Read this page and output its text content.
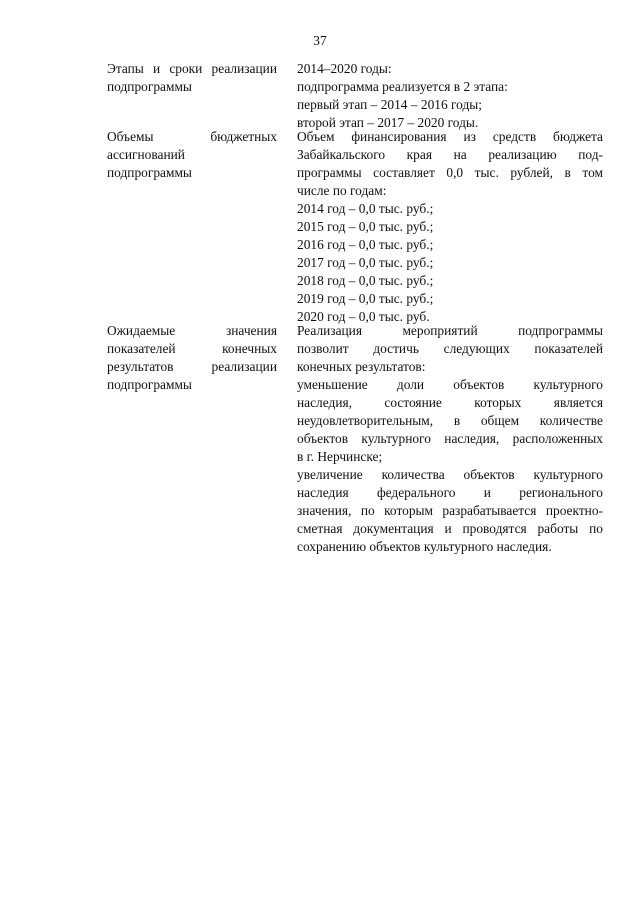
37
Этапы и сроки реализации
подпрограммы
2014–2020 годы:
подпрограмма реализуется в 2 этапа:
первый этап – 2014 – 2016 годы;
второй этап – 2017 – 2020 годы.
Объемы бюджетных
ассигнований
подпрограммы
Объем финансирования из средств бюджета
Забайкальского края на реализацию под-
программы составляет 0,0 тыс. рублей, в том
числе по годам:
2014 год – 0,0 тыс. руб.;
2015 год – 0,0 тыс. руб.;
2016 год – 0,0 тыс. руб.;
2017 год – 0,0 тыс. руб.;
2018 год – 0,0 тыс. руб.;
2019 год – 0,0 тыс. руб.;
2020 год – 0,0 тыс. руб.
Ожидаемые значения
показателей конечных
результатов реализации
подпрограммы
Реализация мероприятий подпрограммы
позволит достичь следующих показателей
конечных результатов:
уменьшение доли объектов культурного
наследия, состояние которых является
неудовлетворительным, в общем количестве
объектов культурного наследия, расположенных
в г. Нерчинске;
увеличение количества объектов культурного
наследия федерального и регионального
значения, по которым разрабатывается проектно-
сметная документация и проводятся работы по
сохранению объектов культурного наследия.
